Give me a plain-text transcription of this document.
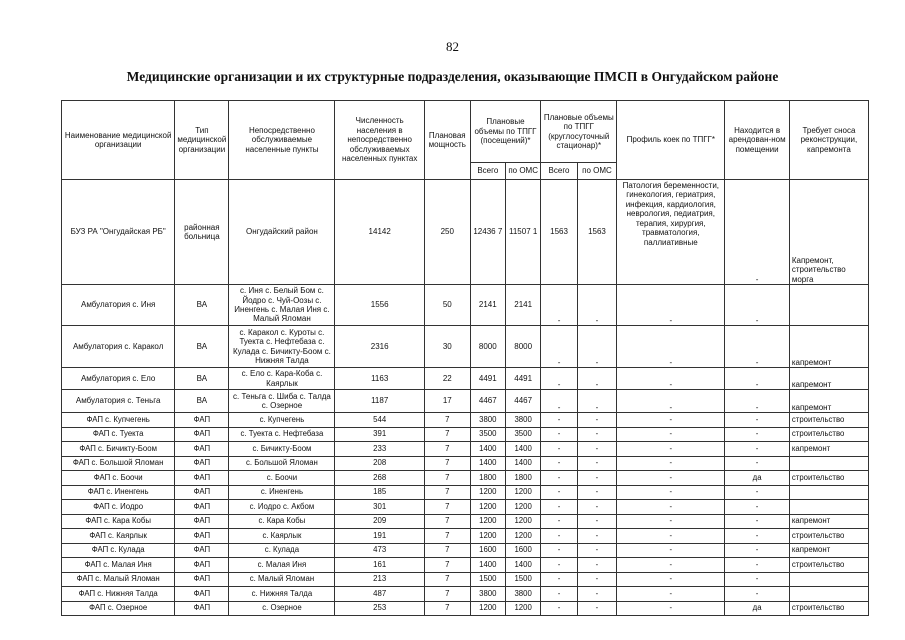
82
Медицинские организации и их структурные подразделения, оказывающие ПМСП в Онгудайском районе
Наименование медицинской организации	Тип медицинской организации	Непосредственно обслуживаемые населенные пункты	Численность населения в непосредственно обслуживаемых населенных пунктах	Плановая мощность	Плановые объемы по ТПГГ (посещений)*		Плановые объемы по ТПГГ (круглосуточный стационар)*		Профиль коек по ТПГГ*	Находится в арендован-ном помещении	Требует сноса реконструкции, капремонта
					Всего	по ОМС	Всего	по ОМС			
БУЗ РА "Онгудайская РБ"	районная больница	Онгудайский район	14142	250	12436 7	11507 1	1563	1563	Патология беременности, гинекология, гериатрия, инфекция, кардиология, неврология, педиатрия, терапия, хирургия, травматология, паллиативные	-	Капремонт, строительство морга
Амбулатория с. Иня	ВА	с. Иня с. Белый Бом с. Йодро с. Чуй-Оозы с. Иненгень с. Малая Иня с. Малый Яломан	1556	50	2141	2141	-	-	-	-	
Амбулатория с. Каракол	ВА	с. Каракол с. Куроты с. Туекта с. Нефтебаза с. Кулада с. Бичикту-Боом с. Нижняя Талда	2316	30	8000	8000	-	-	-	-	капремонт
Амбулатория с. Ело	ВА	с. Ело с. Кара-Коба с. Каярлык	1163	22	4491	4491	-	-	-	-	капремонт
Амбулатория с. Теньга	ВА	с. Теньга с. Шиба с. Талда с. Озерное	1187	17	4467	4467	-	-	-	-	капремонт
ФАП с. Купчегень	ФАП	с. Купчегень	544	7	3800	3800	-	-	-	-	строительство
ФАП с. Туекта	ФАП	с. Туекта с. Нефтебаза	391	7	3500	3500	-	-	-	-	строительство
ФАП с. Бичикту-Боом	ФАП	с. Бичикту-Боом	233	7	1400	1400	-	-	-	-	капремонт
ФАП с. Большой Яломан	ФАП	с. Большой Яломан	208	7	1400	1400	-	-	-	-	
ФАП с. Боочи	ФАП	с. Боочи	268	7	1800	1800	-	-	-	да	строительство
ФАП с. Иненгень	ФАП	с. Иненгень	185	7	1200	1200	-	-	-	-	
ФАП с. Иодро	ФАП	с. Иодро с. Акбом	301	7	1200	1200	-	-	-	-	
ФАП с. Кара Кобы	ФАП	с. Кара Кобы	209	7	1200	1200	-	-	-	-	капремонт
ФАП с. Каярлык	ФАП	с. Каярлык	191	7	1200	1200	-	-	-	-	строительство
ФАП с. Кулада	ФАП	с. Кулада	473	7	1600	1600	-	-	-	-	капремонт
ФАП с. Малая Иня	ФАП	с. Малая Иня	161	7	1400	1400	-	-	-	-	строительство
ФАП с. Малый Яломан	ФАП	с. Малый Яломан	213	7	1500	1500	-	-	-	-	
ФАП с. Нижняя Талда	ФАП	с. Нижняя Талда	487	7	3800	3800	-	-	-	-	
ФАП с. Озерное	ФАП	с. Озерное	253	7	1200	1200	-	-	-	да	строительство
